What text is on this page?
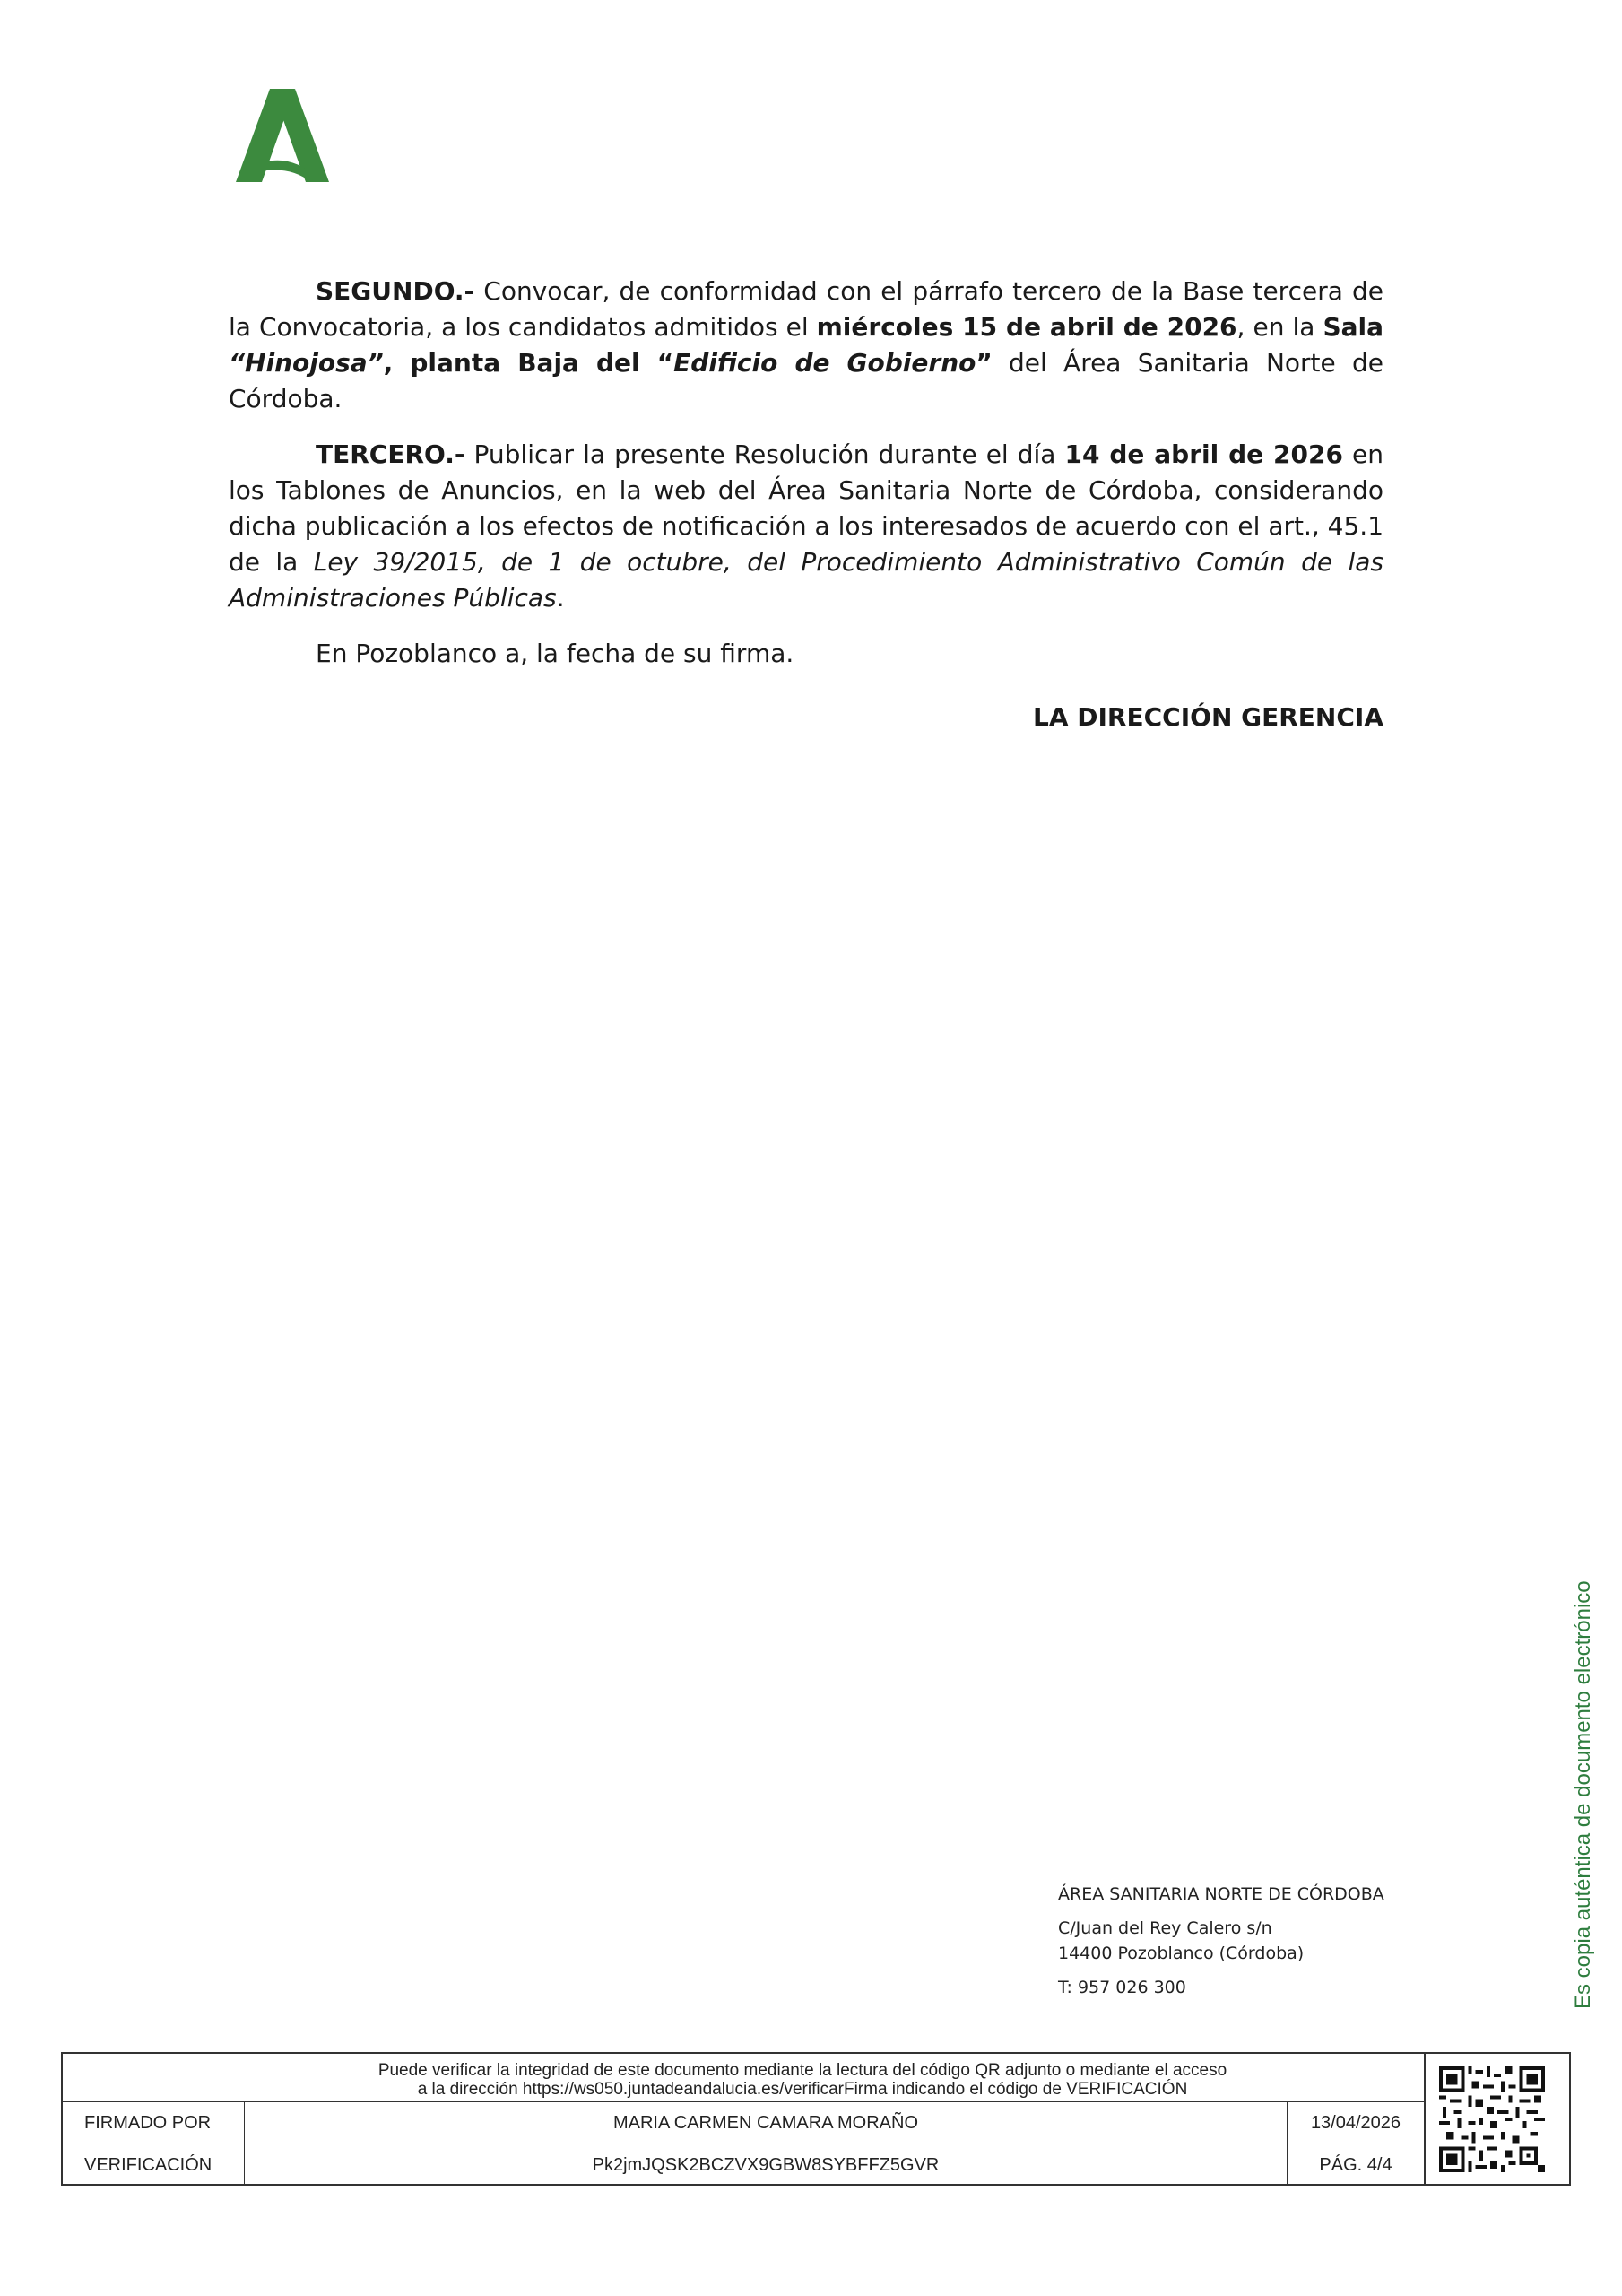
SEGUNDO.- Convocar, de conformidad con el párrafo tercero de la Base tercera de la Convocatoria, a los candidatos admitidos el miércoles 15 de abril de 2026, en la Sala “Hinojosa”, planta Baja del “Edificio de Gobierno” del Área Sanitaria Norte de Córdoba.

TERCERO.- Publicar la presente Resolución durante el día 14 de abril de 2026 en los Tablones de Anuncios, en la web del Área Sanitaria Norte de Córdoba, considerando dicha publicación a los efectos de notificación a los interesados de acuerdo con el art., 45.1 de la Ley 39/2015, de 1 de octubre, del Procedimiento Administrativo Común de las Administraciones Públicas.

En Pozoblanco a, la fecha de su firma.

LA DIRECCIÓN GERENCIA
ÁREA SANITARIA NORTE DE CÓRDOBA
C/Juan del Rey Calero s/n
14400 Pozoblanco (Córdoba)
T: 957 026 300	Es copia auténtica de documento electrónico
Puede verificar la integridad de este documento mediante la lectura del código QR adjunto o mediante el acceso
a la dirección https://ws050.juntadeandalucia.es/verificarFirma indicando el código de VERIFICACIÓN
FIRMADO POR	MARIA CARMEN CAMARA MORAÑO	13/04/2026
VERIFICACIÓN	Pk2jmJQSK2BCZVX9GBW8SYBFFZ5GVR	PÁG. 4/4
